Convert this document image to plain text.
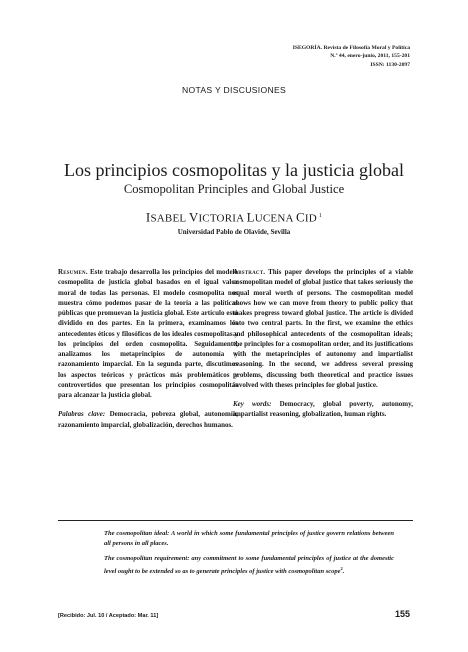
ISEGORÍA. Revista de Filosofía Moral y Política
N.º 44, enero-junio, 2011, 155-201
ISSN: 1130-2097
NOTAS Y DISCUSIONES
Los principios cosmopolitas y la justicia global
Cosmopolitan Principles and Global Justice
ISABEL VICTORIA LUCENA CID $^1$
Universidad Pablo de Olavide, Sevilla

Resumen. Este trabajo desarrolla los principios del modelo cosmopolita de justicia global basados en el igual valor moral de todas las personas. El modelo cosmopolita nos muestra cómo podemos pasar de la teoría a las políticas públicas que promuevan la justicia global. Este artículo está dividido en dos partes. En la primera, examinamos los antecedentes éticos y filosóficos de los ideales cosmopolitas y los principios del orden cosmopolita. Seguidamente, analizamos los metaprincipios de autonomía y razonamiento imparcial. En la segunda parte, discutimos los aspectos teóricos y prácticos más problemáticos y controvertidos que presentan los principios cosmopolitas para alcanzar la justicia global.

Palabras clave: Democracia, pobreza global, autonomía, razonamiento imparcial, globalización, derechos humanos.

Abstract. This paper develops the principles of a viable cosmopolitan model of global justice that takes seriously the equal moral worth of persons. The cosmopolitan model shows how we can move from theory to public policy that makes progress toward global justice. The article is divided into two central parts. In the first, we examine the ethics and philosophical antecedents of the cosmopolitan ideals; the principles for a cosmopolitan order, and its justifications with the metaprinciples of autonomy and impartialist reasoning. In the second, we address several pressing problems, discussing both theoretical and practice issues involved with theses principles for global justice.

Key words: Democracy, global poverty, autonomy, impartialist reasoning, globalization, human rights.

The cosmopolitan ideal: A world in which some fundamental principles of justice govern relations between all persons in all places.

The cosmopolitan requirement: any commitment to some fundamental principles of justice at the domestic level ought to be extended so as to generate principles of justice with cosmopolitan scope$^2$.

[Recibido: Jul. 10 / Aceptado: Mar. 11]	155
